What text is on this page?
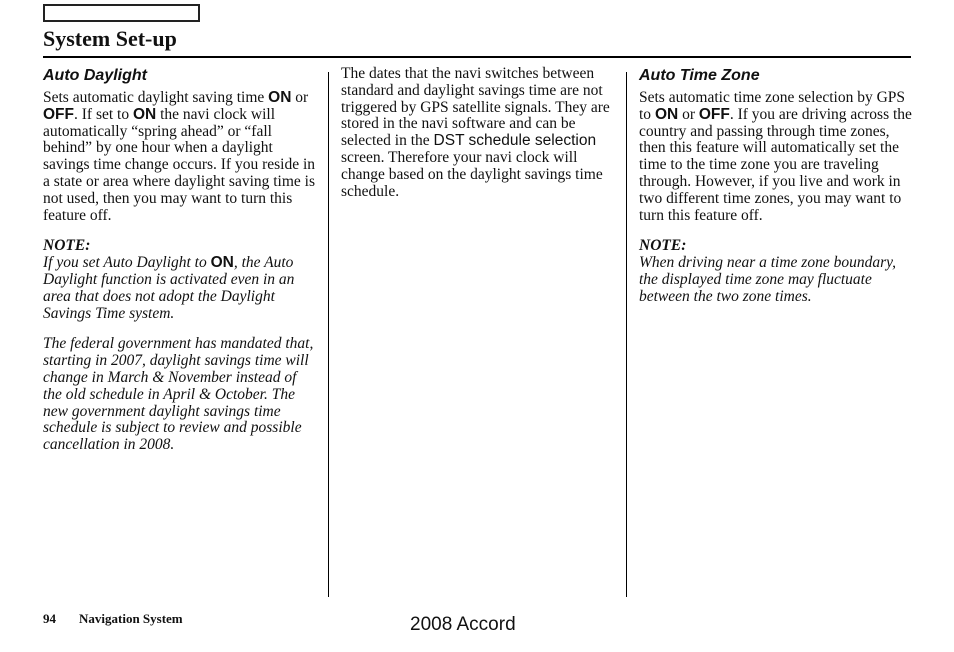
System Set-up
Auto Daylight

Sets automatic daylight saving time ON or OFF. If set to ON the navi clock will automatically “spring ahead” or “fall behind” by one hour when a daylight savings time change occurs. If you reside in a state or area where daylight saving time is not used, then you may want to turn this feature off.

NOTE:

If you set Auto Daylight to ON, the Auto Daylight function is activated even in an area that does not adopt the Daylight Savings Time system.

The federal government has mandated that, starting in 2007, daylight savings time will change in March & November instead of the old schedule in April & October. The new government daylight savings time schedule is subject to review and possible cancellation in 2008.

The dates that the navi switches between standard and daylight savings time are not triggered by GPS satellite signals. They are stored in the navi software and can be selected in the DST schedule selection screen. Therefore your navi clock will change based on the daylight savings time schedule.

Auto Time Zone

Sets automatic time zone selection by GPS to ON or OFF. If you are driving across the country and passing through time zones, then this feature will automatically set the time to the time zone you are traveling through. However, if you live and work in two different time zones, you may want to turn this feature off.

NOTE:

When driving near a time zone boundary, the displayed time zone may fluctuate between the two zone times.

94 Navigation System	2008 Accord
